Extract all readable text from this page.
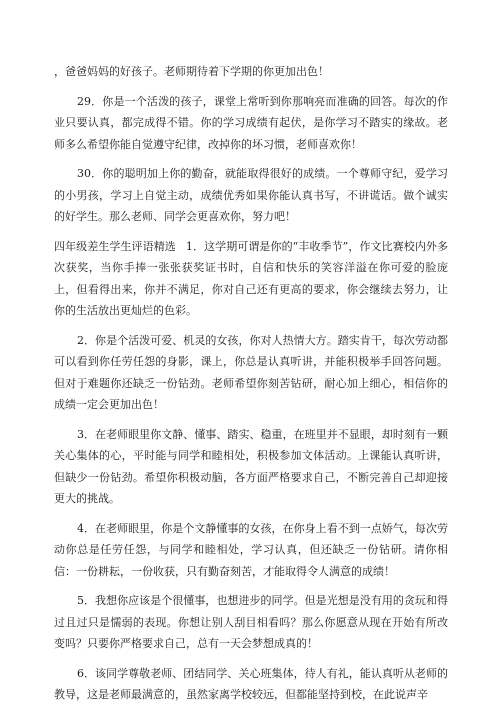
，爸爸妈妈的好孩子。老师期待着下学期的你更加出色！

29．你是一个活泼的孩子，课堂上常听到你那响亮而准确的回答。每次的作业只要认真，都完成得不错。你的学习成绩有起伏，是你学习不踏实的缘故。老师多么希望你能自觉遵守纪律，改掉你的坏习惯，老师喜欢你！

30．你的聪明加上你的勤奋，就能取得很好的成绩。一个尊师守纪，爱学习的小男孩，学习上自觉主动，成绩优秀如果你能认真书写，不讲谎话。做个诚实的好学生。那么老师、同学会更喜欢你，努力吧！

四年级差生学生评语精选 1．这学期可谓是你的“丰收季节”，作文比赛校内外多次获奖，当你手捧一张张获奖证书时，自信和快乐的笑容洋溢在你可爱的脸庞上，但看得出来，你并不满足，你对自己还有更高的要求，你会继续去努力，让你的生活放出更灿烂的色彩。

2．你是个活泼可爱、机灵的女孩，你对人热情大方。踏实肯干，每次劳动都可以看到你任劳任怨的身影，课上，你总是认真听讲，并能积极举手回答问题。但对于难题你还缺乏一份钻劲。老师希望你刻苦钻研，耐心加上细心，相信你的成绩一定会更加出色！

3．在老师眼里你文静、懂事、踏实、稳重，在班里并不显眼，却时刻有一颗关心集体的心，平时能与同学和睦相处，积极参加文体活动。上课能认真听讲，但缺少一份钻劲。希望你积极动脑，各方面严格要求自己，不断完善自己却迎接更大的挑战。

4．在老师眼里，你是个文静懂事的女孩，在你身上看不到一点娇气，每次劳动你总是任劳任怨，与同学和睦相处，学习认真，但还缺乏一份钻研。请你相信：一份耕耘，一份收获，只有勤奋刻苦，才能取得令人满意的成绩！

5．我想你应该是个很懂事，也想进步的同学。但是光想是没有用的贪玩和得过且过只是懦弱的表现。你想让别人刮目相看吗？那么你愿意从现在开始有所改变吗？只要你严格要求自己，总有一天会梦想成真的！

6．该同学尊敬老师、团结同学、关心班集体，待人有礼，能认真听从老师的教导，这是老师最满意的，虽然家离学校较远，但都能坚持到校，在此说声辛
